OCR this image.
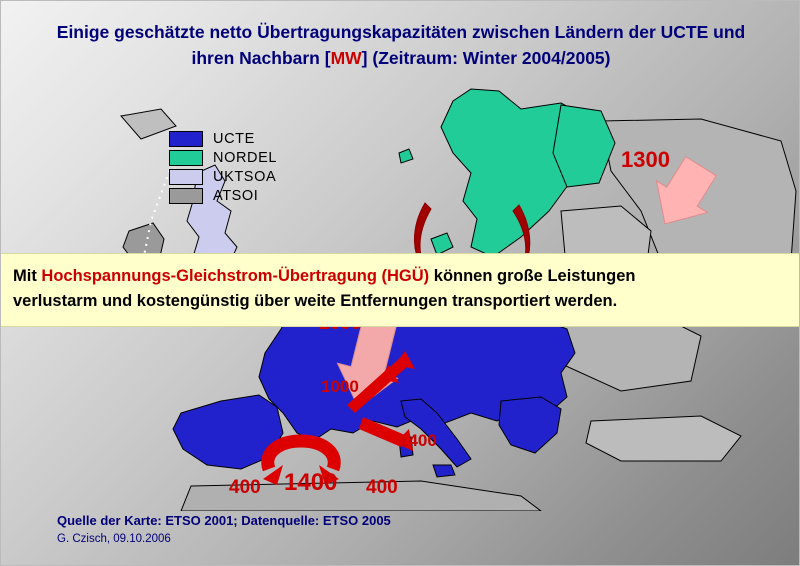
Einige geschätzte netto Übertragungskapazitäten zwischen Ländern der UCTE und
ihren Nachbarn [MW] (Zeitraum: Winter 2004/2005)
UCTE
NORDEL
UKTSOA
ATSOI
1300
1000
1400
400 1400 400
Mit Hochspannungs-Gleichstrom-Übertragung (HGÜ) können große Leistungen
verlustarm und kostengünstig über weite Entfernungen transportiert werden.
Quelle der Karte: ETSO 2001; Datenquelle: ETSO 2005
G. Czisch, 09.10.2006
